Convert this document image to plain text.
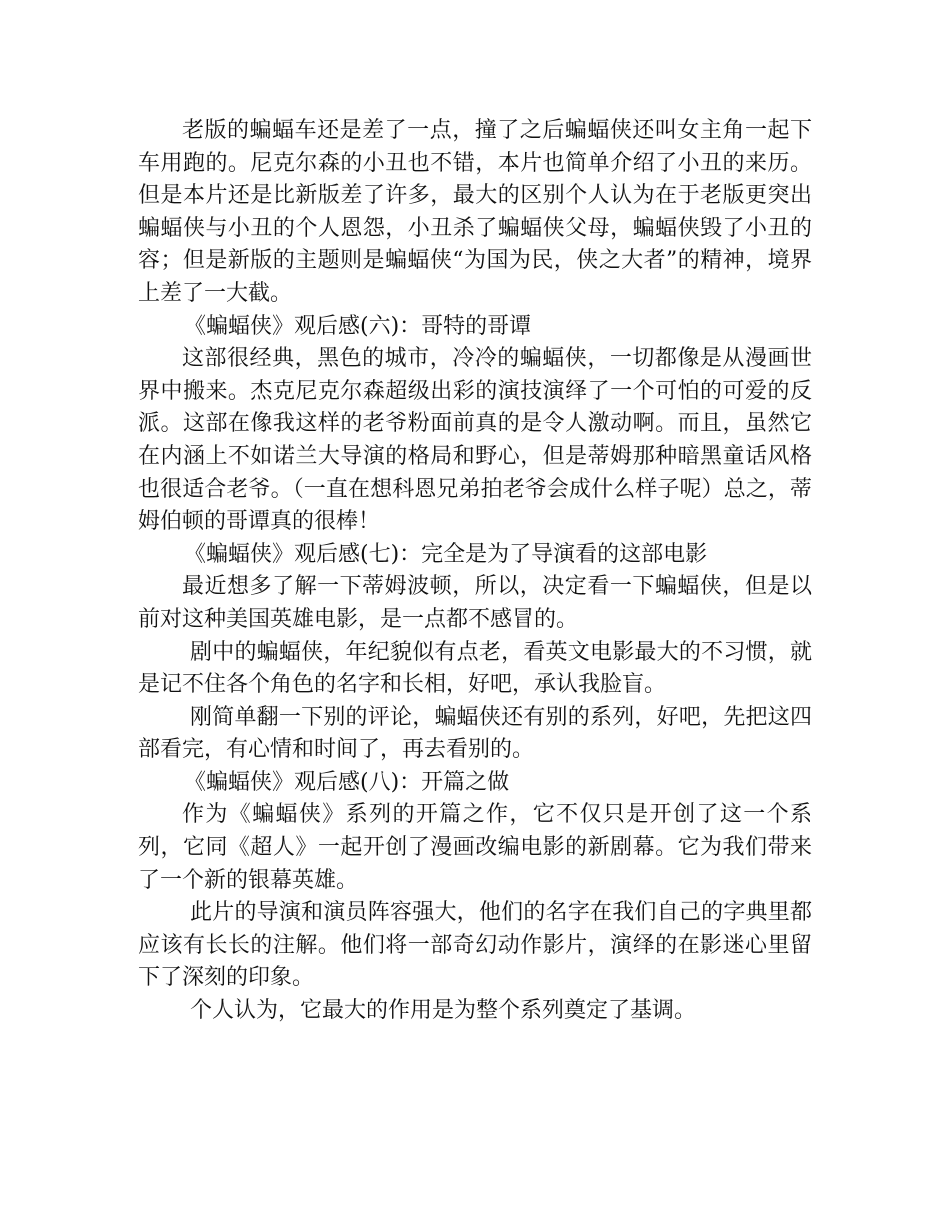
老版的蝙蝠车还是差了一点，撞了之后蝙蝠侠还叫女主角一起下车用跑的。尼克尔森的小丑也不错，本片也简单介绍了小丑的来历。但是本片还是比新版差了许多，最大的区别个人认为在于老版更突出蝙蝠侠与小丑的个人恩怨，小丑杀了蝙蝠侠父母，蝙蝠侠毁了小丑的容；但是新版的主题则是蝙蝠侠“为国为民，侠之大者”的精神，境界上差了一大截。

《蝙蝠侠》观后感(六)：哥特的哥谭

这部很经典，黑色的城市，冷冷的蝙蝠侠，一切都像是从漫画世界中搬来。杰克尼克尔森超级出彩的演技演绎了一个可怕的可爱的反派。这部在像我这样的老爷粉面前真的是令人激动啊。而且，虽然它在内涵上不如诺兰大导演的格局和野心，但是蒂姆那种暗黑童话风格也很适合老爷。（一直在想科恩兄弟拍老爷会成什么样子呢）总之，蒂姆伯顿的哥谭真的很棒！

《蝙蝠侠》观后感(七)：完全是为了导演看的这部电影

最近想多了解一下蒂姆波顿，所以，决定看一下蝙蝠侠，但是以前对这种美国英雄电影，是一点都不感冒的。

剧中的蝙蝠侠，年纪貌似有点老，看英文电影最大的不习惯，就是记不住各个角色的名字和长相，好吧，承认我脸盲。

刚简单翻一下别的评论，蝙蝠侠还有别的系列，好吧，先把这四部看完，有心情和时间了，再去看别的。

《蝙蝠侠》观后感(八)：开篇之做

作为《蝙蝠侠》系列的开篇之作，它不仅只是开创了这一个系列，它同《超人》一起开创了漫画改编电影的新剧幕。它为我们带来了一个新的银幕英雄。

此片的导演和演员阵容强大，他们的名字在我们自己的字典里都应该有长长的注解。他们将一部奇幻动作影片，演绎的在影迷心里留下了深刻的印象。

个人认为，它最大的作用是为整个系列奠定了基调。
